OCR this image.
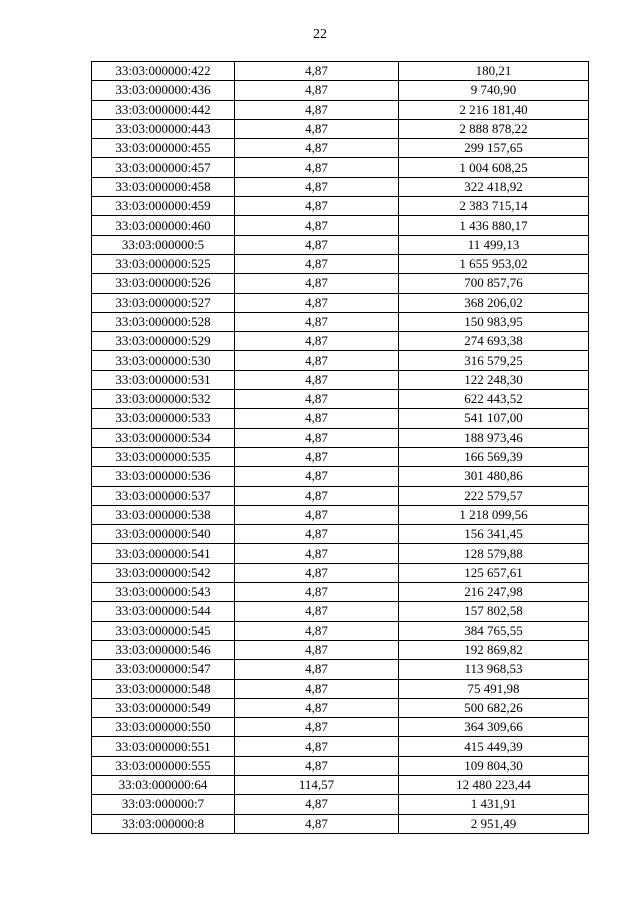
22
33:03:000000:422	4,87	180,21
33:03:000000:436	4,87	9 740,90
33:03:000000:442	4,87	2 216 181,40
33:03:000000:443	4,87	2 888 878,22
33:03:000000:455	4,87	299 157,65
33:03:000000:457	4,87	1 004 608,25
33:03:000000:458	4,87	322 418,92
33:03:000000:459	4,87	2 383 715,14
33:03:000000:460	4,87	1 436 880,17
33:03:000000:5	4,87	11 499,13
33:03:000000:525	4,87	1 655 953,02
33:03:000000:526	4,87	700 857,76
33:03:000000:527	4,87	368 206,02
33:03:000000:528	4,87	150 983,95
33:03:000000:529	4,87	274 693,38
33:03:000000:530	4,87	316 579,25
33:03:000000:531	4,87	122 248,30
33:03:000000:532	4,87	622 443,52
33:03:000000:533	4,87	541 107,00
33:03:000000:534	4,87	188 973,46
33:03:000000:535	4,87	166 569,39
33:03:000000:536	4,87	301 480,86
33:03:000000:537	4,87	222 579,57
33:03:000000:538	4,87	1 218 099,56
33:03:000000:540	4,87	156 341,45
33:03:000000:541	4,87	128 579,88
33:03:000000:542	4,87	125 657,61
33:03:000000:543	4,87	216 247,98
33:03:000000:544	4,87	157 802,58
33:03:000000:545	4,87	384 765,55
33:03:000000:546	4,87	192 869,82
33:03:000000:547	4,87	113 968,53
33:03:000000:548	4,87	75 491,98
33:03:000000:549	4,87	500 682,26
33:03:000000:550	4,87	364 309,66
33:03:000000:551	4,87	415 449,39
33:03:000000:555	4,87	109 804,30
33:03:000000:64	114,57	12 480 223,44
33:03:000000:7	4,87	1 431,91
33:03:000000:8	4,87	2 951,49
